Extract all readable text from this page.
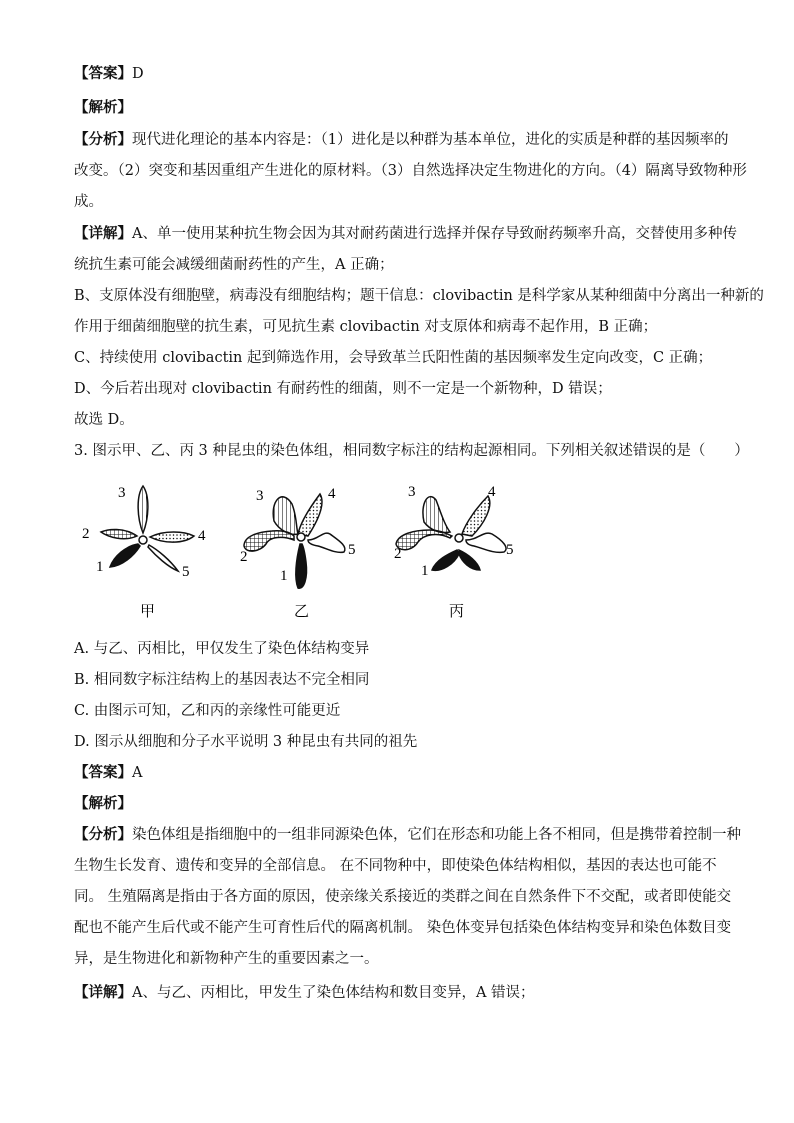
【答案】D
【解析】
【分析】现代进化理论的基本内容是：（1）进化是以种群为基本单位，进化的实质是种群的基因频率的
改变。（2）突变和基因重组产生进化的原材料。（3）自然选择决定生物进化的方向。（4）隔离导致物种形
成。
【详解】A、单一使用某种抗生物会因为其对耐药菌进行选择并保存导致耐药频率升高，交替使用多种传
统抗生素可能会减缓细菌耐药性的产生，A 正确；
B、支原体没有细胞壁，病毒没有细胞结构；题干信息：clovibactin 是科学家从某种细菌中分离出一种新的
作用于细菌细胞壁的抗生素，可见抗生素 clovibactin 对支原体和病毒不起作用，B 正确；
C、持续使用 clovibactin 起到筛选作用，会导致革兰氏阳性菌的基因频率发生定向改变，C 正确；
D、今后若出现对 clovibactin 有耐药性的细菌，则不一定是一个新物种，D 错误；
故选 D。
3. 图示甲、乙、丙 3 种昆虫的染色体组，相同数字标注的结构起源相同。下列相关叙述错误的是（　　）
3
2	4
1	5
3	4
2	5
1
3	4
2	5
1
甲	乙	丙
A. 与乙、丙相比，甲仅发生了染色体结构变异
B. 相同数字标注结构上的基因表达不完全相同
C. 由图示可知，乙和丙的亲缘性可能更近
D. 图示从细胞和分子水平说明 3 种昆虫有共同的祖先
【答案】A
【解析】
【分析】染色体组是指细胞中的一组非同源染色体，它们在形态和功能上各不相同，但是携带着控制一种
生物生长发育、遗传和变异的全部信息。 在不同物种中，即使染色体结构相似，基因的表达也可能不
同。 生殖隔离是指由于各方面的原因，使亲缘关系接近的类群之间在自然条件下不交配，或者即使能交
配也不能产生后代或不能产生可育性后代的隔离机制。 染色体变异包括染色体结构变异和染色体数目变
异，是生物进化和新物种产生的重要因素之一。
【详解】A、与乙、丙相比，甲发生了染色体结构和数目变异，A 错误；
